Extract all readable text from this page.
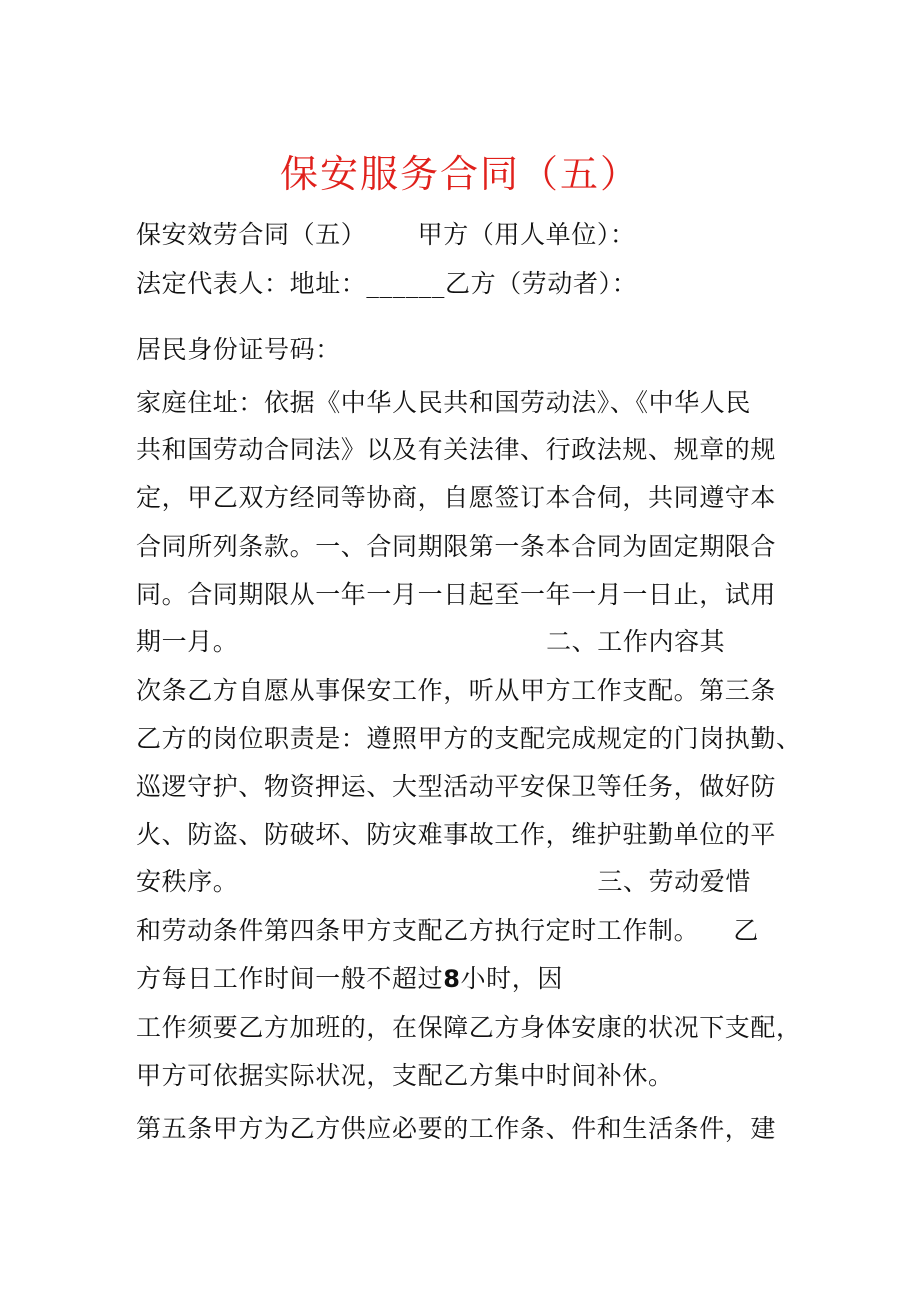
保安服务合同（五）
保安效劳合同（五）      甲方（用人单位）：
法定代表人：地址：______乙方（劳动者）：
居民身份证号码：
家庭住址：依据《中华人民共和国劳动法》、《中华人民
共和国劳动合同法》以及有关法律、行政法规、规章的规
定，甲乙双方经同等协商，自愿签订本合伺，共同遵守本
合同所列条款。一、合同期限第一条本合同为固定期限合
同。合同期限从一年一月一日起至一年一月一日止，试用
期一月。                                    二、工作内容其
次条乙方自愿从事保安工作，听从甲方工作支配。第三条
乙方的岗位职责是：遵照甲方的支配完成规定的门岗执勤、
巡逻守护、物资押运、大型活动平安保卫等任务，做好防
火、防盗、防破坏、防灾难事故工作，维护驻勤单位的平
安秩序。                                          三、劳动爱惜
和劳动条件第四条甲方支配乙方执行定时工作制。    乙
方每日工作时间一般不超过8小时，因
工作须要乙方加班的，在保障乙方身体安康的状况下支配，
甲方可依据实际状况，支配乙方集中时间补休。
第五条甲方为乙方供应必要的工作条、件和生活条件，建
